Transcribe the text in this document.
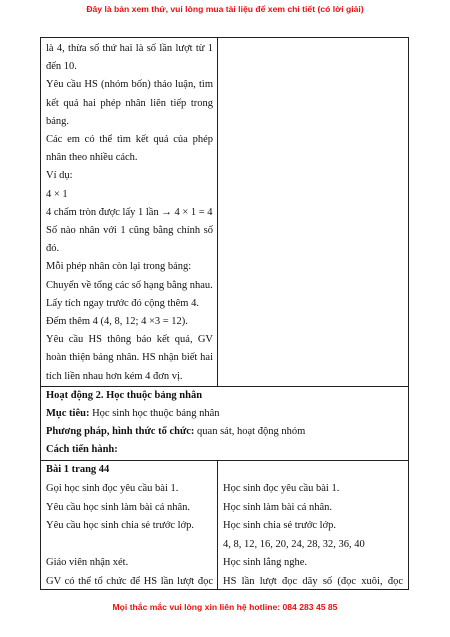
Đây là bản xem thử, vui lòng mua tài liệu để xem chi tiết (có lời giải)
là 4, thừa số thứ hai là số lần lượt từ 1
đến 10.
Yêu cầu HS (nhóm bốn) thảo luận, tìm
kết quả hai phép nhân liên tiếp trong
bảng.
Các em có thể tìm kết quả của phép
nhân theo nhiều cách.
Ví dụ:
4 × 1
4 chấm tròn được lấy 1 lần → 4 × 1 = 4
Số nào nhân với 1 cũng bằng chính số
đó.
Mỗi phép nhân còn lại trong bảng:
Chuyển về tổng các số hạng bằng nhau.
Lấy tích ngay trước đó cộng thêm 4.
Đếm thêm 4 (4, 8, 12; 4 ×3 = 12).
Yêu cầu HS thông báo kết quả, GV
hoàn thiện bảng nhân. HS nhận biết hai
tích liền nhau hơn kém 4 đơn vị.
Hoạt động 2. Học thuộc bảng nhân
Mục tiêu: Học sinh học thuộc bảng nhân
Phương pháp, hình thức tổ chức: quan sát, hoạt động nhóm
Cách tiến hành:
Bài 1 trang 44
Gọi học sinh đọc yêu cầu bài 1.
Yêu cầu học sinh làm bài cá nhân.
Yêu cầu học sinh chia sẻ trước lớp.
Giáo viên nhận xét.
GV có thể tổ chức để HS lần lượt đọc
Học sinh đọc yêu cầu bài 1.
Học sinh làm bài cá nhân.
Học sinh chia sẻ trước lớp.
4, 8, 12, 16, 20, 24, 28, 32, 36, 40
Học sinh lắng nghe.
HS lần lượt đọc dãy số (đọc xuôi, đọc
Mọi thắc mắc vui lòng xin liên hệ hotline: 084 283 45 85
